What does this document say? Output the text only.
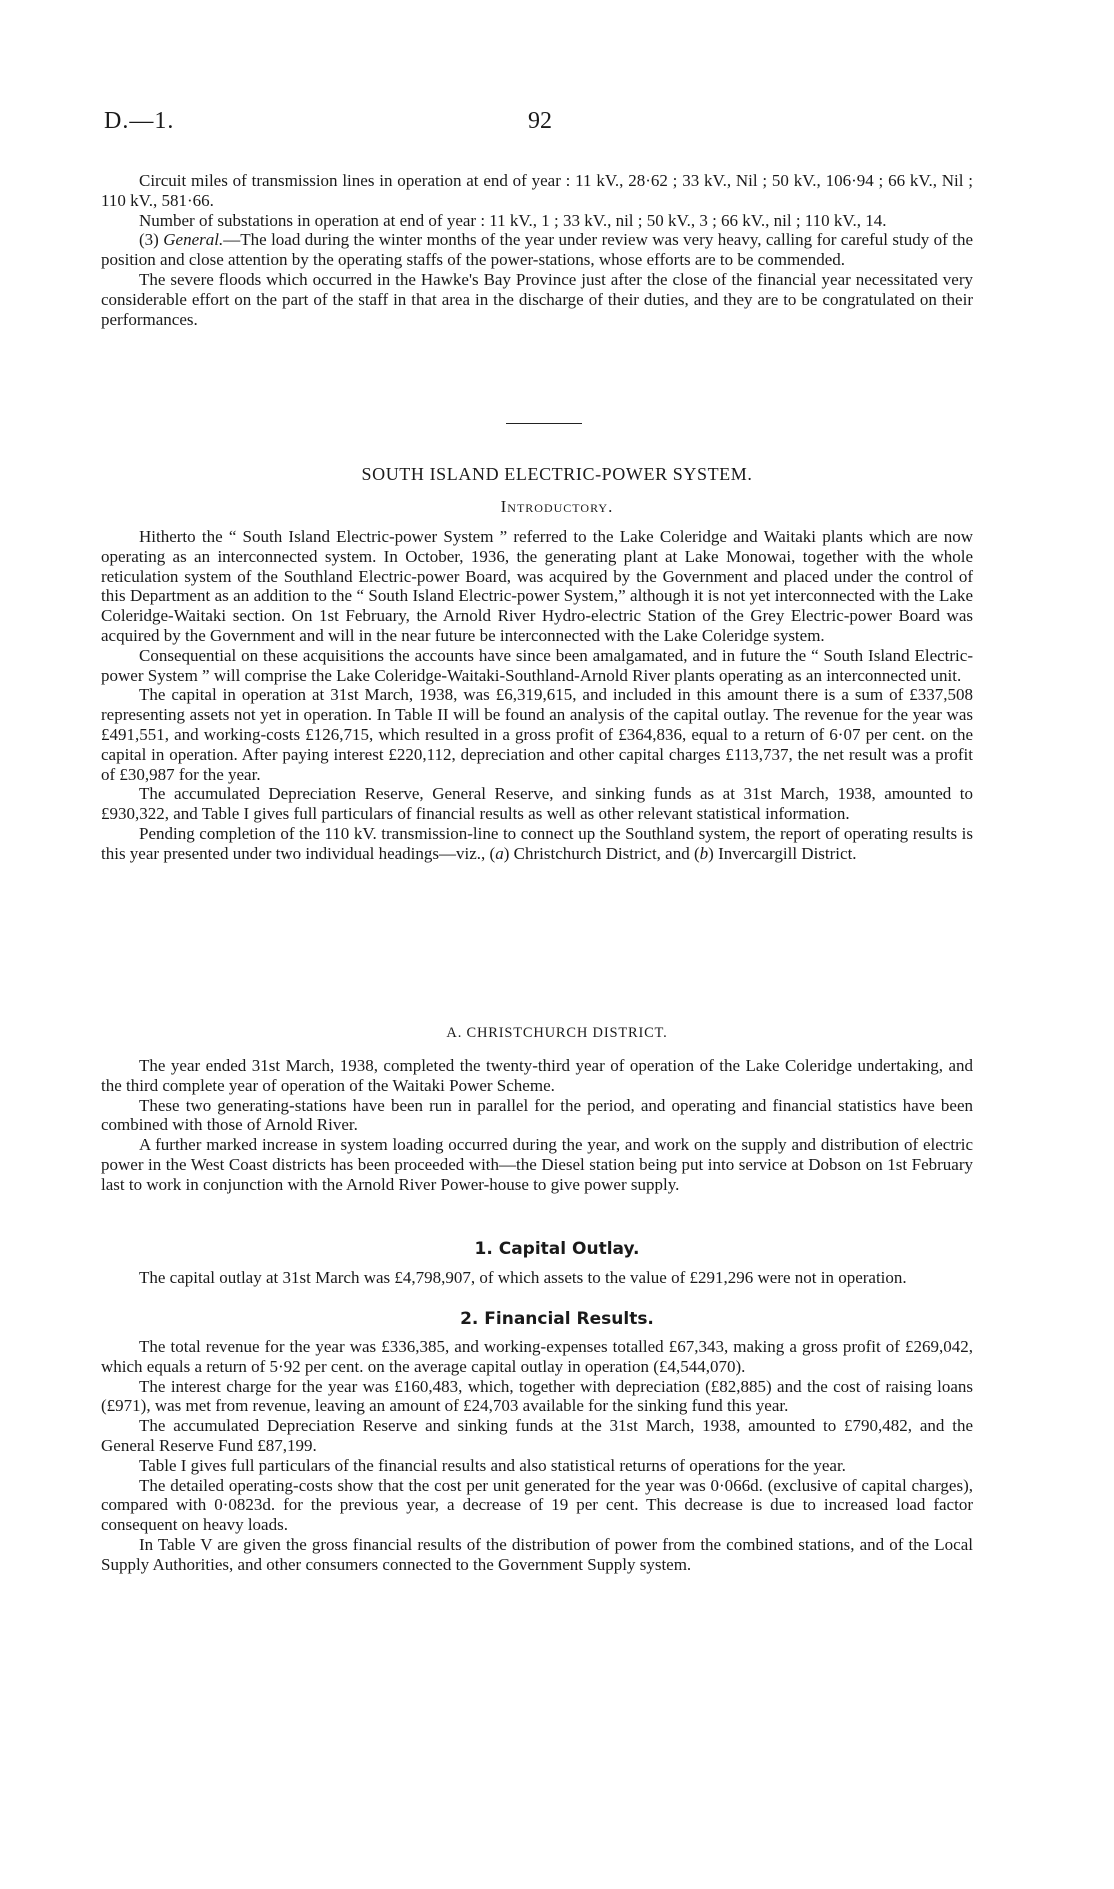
D.—1.	92

Circuit miles of transmission lines in operation at end of year : 11 kV., 28·62 ; 33 kV., Nil ; 50 kV., 106·94 ; 66 kV., Nil ; 110 kV., 581·66.

Number of substations in operation at end of year : 11 kV., 1 ; 33 kV., nil ; 50 kV., 3 ; 66 kV., nil ; 110 kV., 14.

(3) General.—The load during the winter months of the year under review was very heavy, calling for careful study of the position and close attention by the operating staffs of the power-stations, whose efforts are to be commended.

The severe floods which occurred in the Hawke's Bay Province just after the close of the financial year necessitated very considerable effort on the part of the staff in that area in the discharge of their duties, and they are to be congratulated on their performances.

SOUTH ISLAND ELECTRIC-POWER SYSTEM.
Introductory.

Hitherto the “ South Island Electric-power System ” referred to the Lake Coleridge and Waitaki plants which are now operating as an interconnected system. In October, 1936, the generating plant at Lake Monowai, together with the whole reticulation system of the Southland Electric-power Board, was acquired by the Government and placed under the control of this Department as an addition to the “ South Island Electric-power System,” although it is not yet interconnected with the Lake Coleridge-Waitaki section. On 1st February, the Arnold River Hydro-electric Station of the Grey Electric-power Board was acquired by the Government and will in the near future be interconnected with the Lake Coleridge system.

Consequential on these acquisitions the accounts have since been amalgamated, and in future the “ South Island Electric-power System ” will comprise the Lake Coleridge-Waitaki-Southland-Arnold River plants operating as an interconnected unit.

The capital in operation at 31st March, 1938, was £6,319,615, and included in this amount there is a sum of £337,508 representing assets not yet in operation. In Table II will be found an analysis of the capital outlay. The revenue for the year was £491,551, and working-costs £126,715, which resulted in a gross profit of £364,836, equal to a return of 6·07 per cent. on the capital in operation. After paying interest £220,112, depreciation and other capital charges £113,737, the net result was a profit of £30,987 for the year.

The accumulated Depreciation Reserve, General Reserve, and sinking funds as at 31st March, 1938, amounted to £930,322, and Table I gives full particulars of financial results as well as other relevant statistical information.

Pending completion of the 110 kV. transmission-line to connect up the Southland system, the report of operating results is this year presented under two individual headings—viz., (a) Christchurch District, and (b) Invercargill District.

A. CHRISTCHURCH DISTRICT.

The year ended 31st March, 1938, completed the twenty-third year of operation of the Lake Coleridge undertaking, and the third complete year of operation of the Waitaki Power Scheme.

These two generating-stations have been run in parallel for the period, and operating and financial statistics have been combined with those of Arnold River.

A further marked increase in system loading occurred during the year, and work on the supply and distribution of electric power in the West Coast districts has been proceeded with—the Diesel station being put into service at Dobson on 1st February last to work in conjunction with the Arnold River Power-house to give power supply.

1. Capital Outlay.

The capital outlay at 31st March was £4,798,907, of which assets to the value of £291,296 were not in operation.

2. Financial Results.

The total revenue for the year was £336,385, and working-expenses totalled £67,343, making a gross profit of £269,042, which equals a return of 5·92 per cent. on the average capital outlay in operation (£4,544,070).

The interest charge for the year was £160,483, which, together with depreciation (£82,885) and the cost of raising loans (£971), was met from revenue, leaving an amount of £24,703 available for the sinking fund this year.

The accumulated Depreciation Reserve and sinking funds at the 31st March, 1938, amounted to £790,482, and the General Reserve Fund £87,199.

Table I gives full particulars of the financial results and also statistical returns of operations for the year.

The detailed operating-costs show that the cost per unit generated for the year was 0·066d. (exclusive of capital charges), compared with 0·0823d. for the previous year, a decrease of 19 per cent. This decrease is due to increased load factor consequent on heavy loads.

In Table V are given the gross financial results of the distribution of power from the combined stations, and of the Local Supply Authorities, and other consumers connected to the Government Supply system.
